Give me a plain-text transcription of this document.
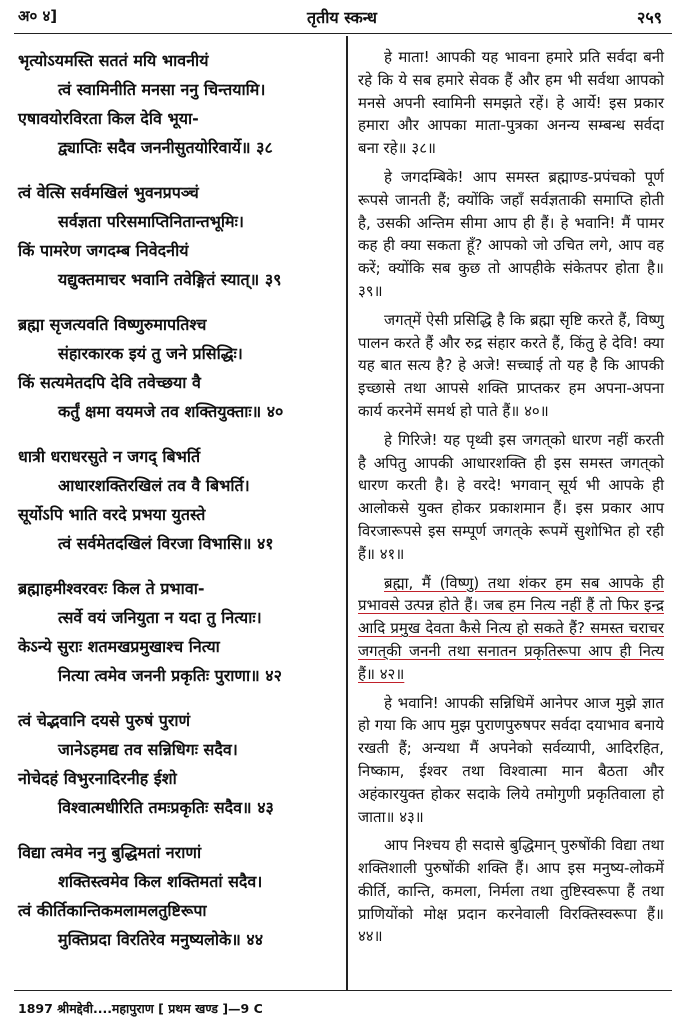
अ० ४]	तृतीय स्कन्ध	२५९
भृत्योऽयमस्ति सततं मयि भावनीयं
त्वं स्वामिनीति मनसा ननु चिन्तयामि।
एषावयोरविरता किल देवि भूया-
द्व्याप्तिः सदैव जननीसुतयोरिवार्ये॥ ३८
त्वं वेत्सि सर्वमखिलं भुवनप्रपञ्चं
सर्वज्ञता परिसमाप्तिनितान्तभूमिः।
किं पामरेण जगदम्ब निवेदनीयं
यद्युक्तमाचर भवानि तवेङ्गितं स्यात्॥ ३९
ब्रह्मा सृजत्यवति विष्णुरुमापतिश्च
संहारकारक इयं तु जने प्रसिद्धिः।
किं सत्यमेतदपि देवि तवेच्छया वै
कर्तुं क्षमा वयमजे तव शक्तियुक्ताः॥ ४०
धात्री धराधरसुते न जगद् बिभर्ति
आधारशक्तिरखिलं तव वै बिभर्ति।
सूर्योऽपि भाति वरदे प्रभया युतस्ते
त्वं सर्वमेतदखिलं विरजा विभासि॥ ४१
ब्रह्माहमीश्वरवरः किल ते प्रभावा-
त्सर्वे वयं जनियुता न यदा तु नित्याः।
केऽन्ये सुराः शतमखप्रमुखाश्च नित्या
नित्या त्वमेव जननी प्रकृतिः पुराणा॥ ४२
त्वं चेद्भवानि दयसे पुरुषं पुराणं
जानेऽहमद्य तव सन्निधिगः सदैव।
नोचेदहं विभुरनादिरनीह ईशो
विश्वात्मधीरिति तमःप्रकृतिः सदैव॥ ४३
विद्या त्वमेव ननु बुद्धिमतां नराणां
शक्तिस्त्वमेव किल शक्तिमतां सदैव।
त्वं कीर्तिकान्तिकमलामलतुष्टिरूपा
मुक्तिप्रदा विरतिरेव मनुष्यलोके॥ ४४
हे माता! आपकी यह भावना हमारे प्रति सर्वदा बनी रहे कि ये सब हमारे सेवक हैं और हम भी सर्वथा आपको मनसे अपनी स्वामिनी समझते रहें। हे आर्ये! इस प्रकार हमारा और आपका माता-पुत्रका अनन्य सम्बन्ध सर्वदा बना रहे॥ ३८॥
हे जगदम्बिके! आप समस्त ब्रह्माण्ड-प्रपंचको पूर्ण रूपसे जानती हैं; क्योंकि जहाँ सर्वज्ञताकी समाप्ति होती है, उसकी अन्तिम सीमा आप ही हैं। हे भवानि! मैं पामर कह ही क्या सकता हूँ? आपको जो उचित लगे, आप वह करें; क्योंकि सब कुछ तो आपहीके संकेतपर होता है॥ ३९॥
जगत्‌में ऐसी प्रसिद्धि है कि ब्रह्मा सृष्टि करते हैं, विष्णु पालन करते हैं और रुद्र संहार करते हैं, किंतु हे देवि! क्या यह बात सत्य है? हे अजे! सच्चाई तो यह है कि आपकी इच्छासे तथा आपसे शक्ति प्राप्तकर हम अपना-अपना कार्य करनेमें समर्थ हो पाते हैं॥ ४०॥
हे गिरिजे! यह पृथ्वी इस जगत्‌को धारण नहीं करती है अपितु आपकी आधारशक्ति ही इस समस्त जगत्‌को धारण करती है। हे वरदे! भगवान् सूर्य भी आपके ही आलोकसे युक्त होकर प्रकाशमान हैं। इस प्रकार आप विरजारूपसे इस सम्पूर्ण जगत्‌के रूपमें सुशोभित हो रही हैं॥ ४१॥
ब्रह्मा, मैं (विष्णु) तथा शंकर हम सब आपके ही प्रभावसे उत्पन्न होते हैं। जब हम नित्य नहीं हैं तो फिर इन्द्र आदि प्रमुख देवता कैसे नित्य हो सकते हैं? समस्त चराचर जगत्‌की जननी तथा सनातन प्रकृतिरूपा आप ही नित्य हैं॥ ४२॥
हे भवानि! आपकी सन्निधिमें आनेपर आज मुझे ज्ञात हो गया कि आप मुझ पुराणपुरुषपर सर्वदा दयाभाव बनाये रखती हैं; अन्यथा मैं अपनेको सर्वव्यापी, आदिरहित, निष्काम, ईश्वर तथा विश्वात्मा मान बैठता और अहंकारयुक्त होकर सदाके लिये तमोगुणी प्रकृतिवाला हो जाता॥ ४३॥
आप निश्चय ही सदासे बुद्धिमान् पुरुषोंकी विद्या तथा शक्तिशाली पुरुषोंकी शक्ति हैं। आप इस मनुष्य-लोकमें कीर्ति, कान्ति, कमला, निर्मला तथा तुष्टिस्वरूपा हैं तथा प्राणियोंको मोक्ष प्रदान करनेवाली विरक्तिस्वरूपा हैं॥ ४४॥
1897 श्रीमद्देवी....महापुराण [ प्रथम खण्ड ]—9 C
